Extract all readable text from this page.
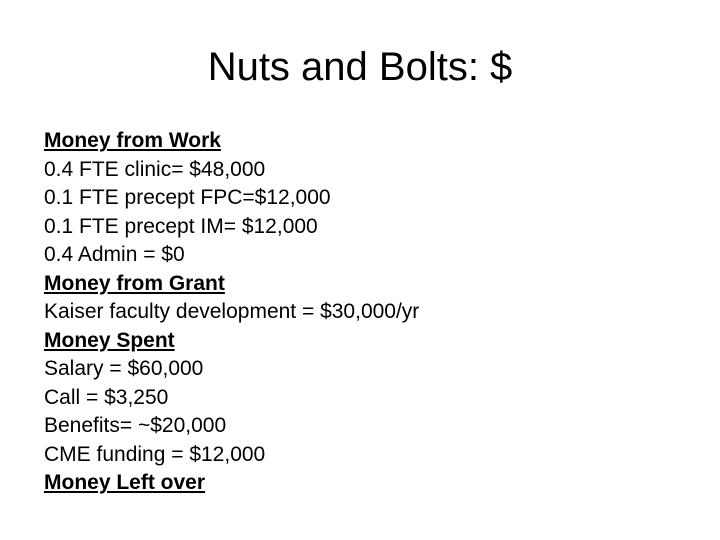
Nuts and Bolts: $
Money from Work
0.4 FTE clinic= $48,000
0.1 FTE precept FPC=$12,000
0.1 FTE precept IM= $12,000
0.4 Admin = $0
Money from Grant
Kaiser faculty development = $30,000/yr
Money Spent
Salary = $60,000
Call = $3,250
Benefits= ~$20,000
CME funding = $12,000
Money Left over
